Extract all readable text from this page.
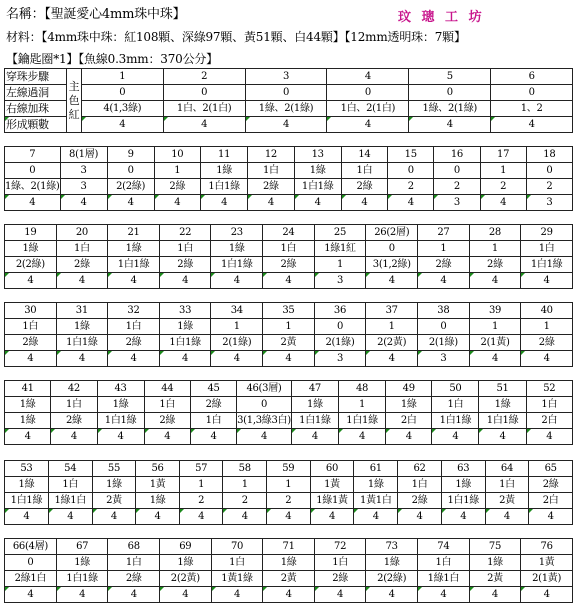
名稱：【聖誕愛心4mm珠中珠】	玟 璁 工 坊
材料：【4mm珠中珠：紅108顆、深綠97顆、黃51顆、白44顆】【12mm透明珠：7顆】
【鑰匙圈*1】【魚線0.3mm：370公分】
穿珠步驟	主色紅	1	2	3	4	5	6
左線過洞		0	0	0	0	0	0
右線加珠		4(1,3綠)	1白、2(1白)	1綠、2(1綠)	1白、2(1白)	1綠、2(1綠)	1、2
形成顆數		4	4	4	4	4	4
7	8(1層)	9	10	11	12	13	14	15	16	17	18
0	3	0	1	1綠	1白	1綠	1白	0	0	1	0
1綠、2(1綠)	3	2(2綠)	2綠	1白1綠	2綠	1白1綠	2綠	2	2	2	2
4	4	4	4	4	4	4	4	4	3	4	3
19	20	21	22	23	24	25	26(2層)	27	28	29
1綠	1白	1綠	1白	1綠	1白	1綠1紅	0	1	1	1白
2(2綠)	2綠	1白1綠	2綠	1白1綠	2綠	1	3(1,2綠)	2綠	2綠	1白1綠
4	4	4	4	4	4	3	4	4	4	4
30	31	32	33	34	35	36	37	38	39	40
1白	1綠	1白	1綠	1	1	0	1	0	1	1
2綠	1白1綠	2綠	1白1綠	2(1綠)	2黃	2(1綠)	2(2黃)	2(1綠)	2(1黃)	2綠
4	4	4	4	4	4	3	4	3	4	4
41	42	43	44	45	46(3層)	47	48	49	50	51	52
1綠	1白	1綠	1白	2綠	0	1綠	1	1綠	1白	1綠	1白
1綠	2綠	1白1綠	2綠	1白	3(1,3綠3白)	1白1綠	1白1綠	2白	1白1綠	1白1綠	2白
4	4	4	4	4	4	4	4	4	4	4	4
53	54	55	56	57	58	59	60	61	62	63	64	65
1綠	1白	1綠	1黃	1	1	1	1黃	1綠	1白	1綠	1白	2綠
1白1綠	1綠1白	2黃	1綠	2	2	2	1綠1黃	1黃1白	2綠	1白1綠	2黃	2白
4	4	4	4	4	4	4	4	4	4	4	4	4
66(4層)	67	68	69	70	71	72	73	74	75	76
0	1綠	1白	1綠	1白	1綠	1白	1綠	1白	1綠	1黃
2綠1白	1白1綠	2綠	2(2黃)	1黃1綠	2黃	2綠	2(2綠)	1綠1白	2黃	2(1黃)
4	4	4	4	4	4	4	4	4	4	4
